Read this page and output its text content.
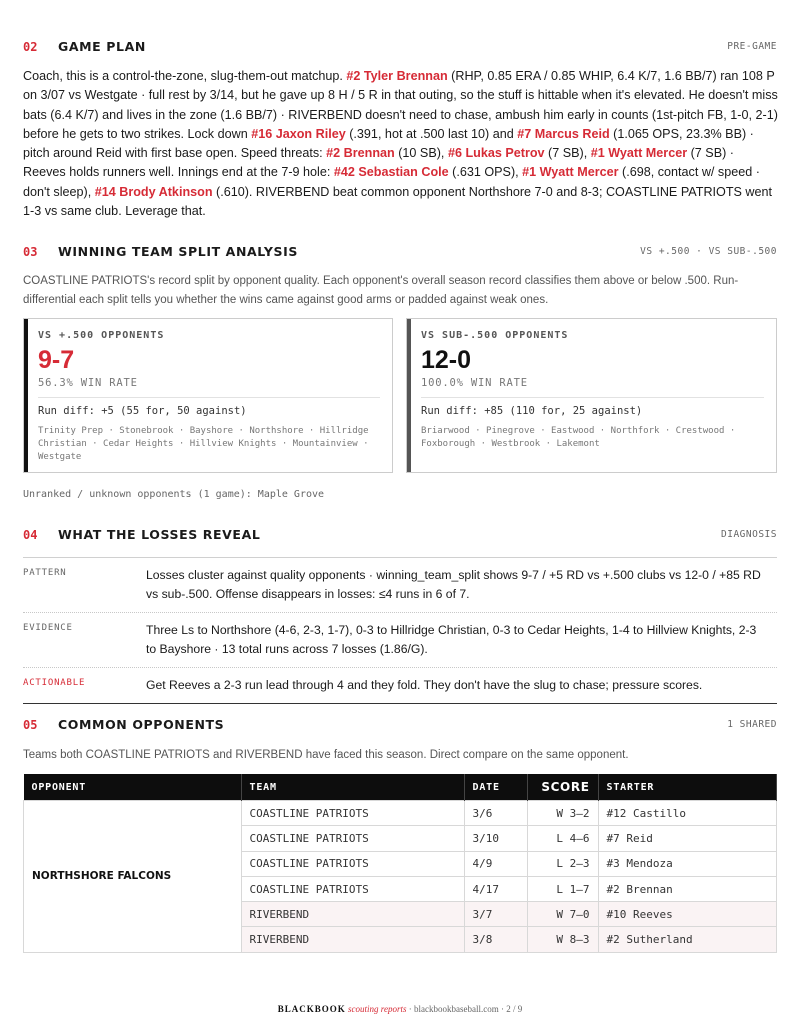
02 GAME PLAN	PRE-GAME
Coach, this is a control-the-zone, slug-them-out matchup. #2 Tyler Brennan (RHP, 0.85 ERA / 0.85 WHIP, 6.4 K/7, 1.6 BB/7) ran 108 P on 3/07 vs Westgate · full rest by 3/14, but he gave up 8 H / 5 R in that outing, so the stuff is hittable when it's elevated. He doesn't miss bats (6.4 K/7) and lives in the zone (1.6 BB/7) · RIVERBEND doesn't need to chase, ambush him early in counts (1st-pitch FB, 1-0, 2-1) before he gets to two strikes. Lock down #16 Jaxon Riley (.391, hot at .500 last 10) and #7 Marcus Reid (1.065 OPS, 23.3% BB) · pitch around Reid with first base open. Speed threats: #2 Brennan (10 SB), #6 Lukas Petrov (7 SB), #1 Wyatt Mercer (7 SB) · Reeves holds runners well. Innings end at the 7-9 hole: #42 Sebastian Cole (.631 OPS), #1 Wyatt Mercer (.698, contact w/ speed · don't sleep), #14 Brody Atkinson (.610). RIVERBEND beat common opponent Northshore 7-0 and 8-3; COASTLINE PATRIOTS went 1-3 vs same club. Leverage that.
03 WINNING TEAM SPLIT ANALYSIS	VS +.500 · VS SUB-.500
COASTLINE PATRIOTS's record split by opponent quality. Each opponent's overall season record classifies them above or below .500. Run-differential each split tells you whether the wins came against good arms or padded against weak ones.
VS +.500 OPPONENTS
9-7
56.3% WIN RATE
Run diff: +5 (55 for, 50 against)
Trinity Prep · Stonebrook · Bayshore · Northshore · Hillridge Christian · Cedar Heights · Hillview Knights · Mountainview · Westgate
VS SUB-.500 OPPONENTS
12-0
100.0% WIN RATE
Run diff: +85 (110 for, 25 against)
Briarwood · Pinegrove · Eastwood · Northfork · Crestwood · Foxborough · Westbrook · Lakemont
Unranked / unknown opponents (1 game): Maple Grove
04 WHAT THE LOSSES REVEAL	DIAGNOSIS
PATTERN	Losses cluster against quality opponents · winning_team_split shows 9-7 / +5 RD vs +.500 clubs vs 12-0 / +85 RD vs sub-.500. Offense disappears in losses: ≤4 runs in 6 of 7.
EVIDENCE	Three Ls to Northshore (4-6, 2-3, 1-7), 0-3 to Hillridge Christian, 0-3 to Cedar Heights, 1-4 to Hillview Knights, 2-3 to Bayshore · 13 total runs across 7 losses (1.86/G).
ACTIONABLE	Get Reeves a 2-3 run lead through 4 and they fold. They don't have the slug to chase; pressure scores.
05 COMMON OPPONENTS	1 SHARED
Teams both COASTLINE PATRIOTS and RIVERBEND have faced this season. Direct compare on the same opponent.
OPPONENT	TEAM	DATE	SCORE	STARTER
NORTHSHORE FALCONS	COASTLINE PATRIOTS	3/6	W 3–2	#12 Castillo
	COASTLINE PATRIOTS	3/10	L 4–6	#7 Reid
	COASTLINE PATRIOTS	4/9	L 2–3	#3 Mendoza
	COASTLINE PATRIOTS	4/17	L 1–7	#2 Brennan
	RIVERBEND	3/7	W 7–0	#10 Reeves
	RIVERBEND	3/8	W 8–3	#2 Sutherland
BLACKBOOK scouting reports · blackbookbaseball.com · 2 / 9
